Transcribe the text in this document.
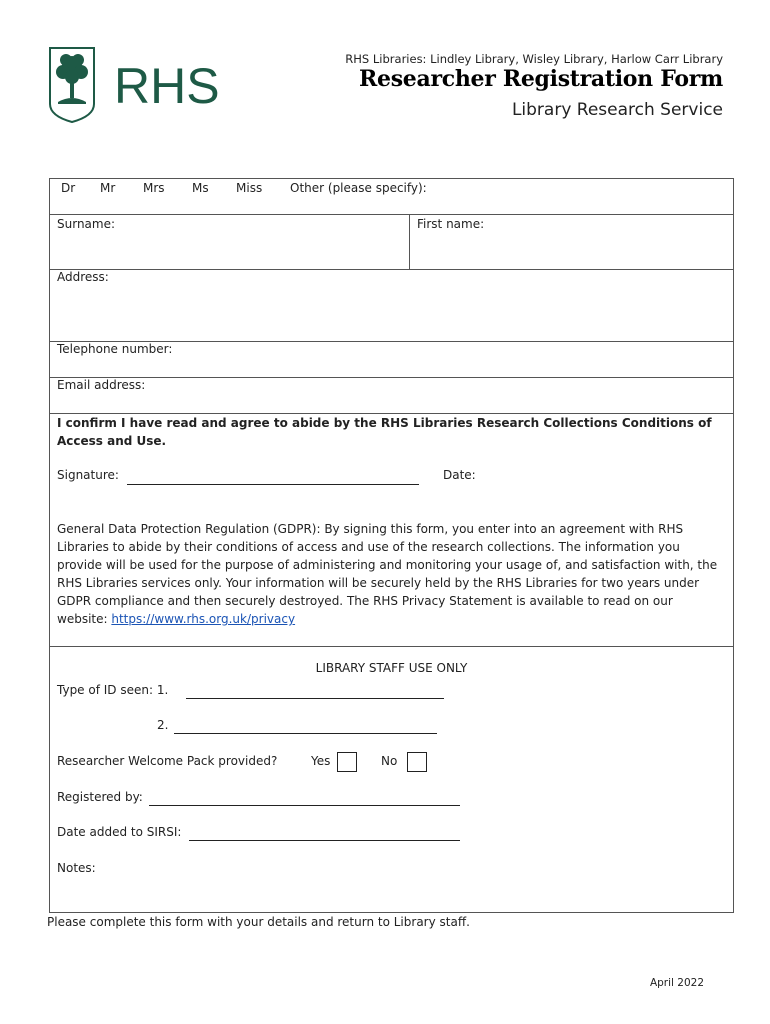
RHS	RHS Libraries: Lindley Library, Wisley Library, Harlow Carr Library
Researcher Registration Form
Library Research Service
Dr Mr Mrs Ms Miss Other (please specify):
Surname:	First name:
Address:
Telephone number:
Email address:
I confirm I have read and agree to abide by the RHS Libraries Research Collections Conditions of Access and Use.
Signature:	Date:
General Data Protection Regulation (GDPR): By signing this form, you enter into an agreement with RHS Libraries to abide by their conditions of access and use of the research collections. The information you provide will be used for the purpose of administering and monitoring your usage of, and satisfaction with, the RHS Libraries services only. Your information will be securely held by the RHS Libraries for two years under GDPR compliance and then securely destroyed. The RHS Privacy Statement is available to read on our website: https://www.rhs.org.uk/privacy
LIBRARY STAFF USE ONLY
Type of ID seen: 1.
2.
Researcher Welcome Pack provided?	Yes	No
Registered by:
Date added to SIRSI:
Notes:
Please complete this form with your details and return to Library staff.
April 2022
